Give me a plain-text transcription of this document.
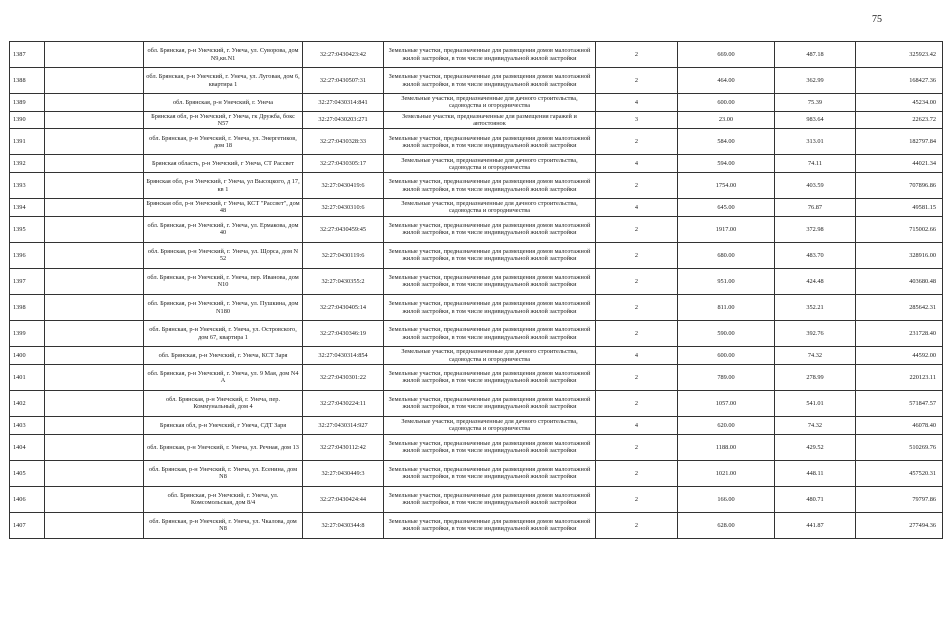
75
1387		обл. Брянская, р-н Унечский, г. Унеча, ул. Суворова, дом N9,кв.N1	32:27:0430423:42	Земельные участки, предназначенные для размещения домов малоэтажной жилой застройки, в том числе индивидуальной жилой застройки	2	669.00	487.18	325923.42
1388		обл. Брянская, р-н Унечский, г. Унеча, ул. Луговая, дом 6, квартира 1	32:27:0430507:31	Земельные участки, предназначенные для размещения домов малоэтажной жилой застройки, в том числе индивидуальной жилой застройки	2	464.00	362.99	168427.36
1389		обл. Брянская, р-н Унечский, г. Унеча	32:27:0430314:841	Земельные участки, предназначенные для дачного строительства, садоводства и огородничества	4	600.00	75.39	45234.00
1390		Брянская обл, р-н Унечский, г Унеча, гк Дружба, бокс N57	32:27:0430203:271	Земельные участки, предназначенные для размещения гаражей и автостоянок	3	23.00	983.64	22623.72
1391		обл. Брянская, р-н Унечский, г. Унеча, ул. Энергетиков, дом 18	32:27:0430328:33	Земельные участки, предназначенные для размещения домов малоэтажной жилой застройки, в том числе индивидуальной жилой застройки	2	584.00	313.01	182797.84
1392		Брянская область, р-н Унечский, г Унеча, СТ Рассвет	32:27:0430305:17	Земельные участки, предназначенные для дачного строительства, садоводства и огородничества	4	594.00	74.11	44021.34
1393		Брянская обл, р-н Унечский, г Унеча, ул Высоцкого, д 17, кв 1	32:27:0430419:6	Земельные участки, предназначенные для размещения домов малоэтажной жилой застройки, в том числе индивидуальной жилой застройки	2	1754.00	403.59	707896.86
1394		Брянская обл, р-н Унечский, г Унеча, КСТ "Рассвет", дом 48	32:27:0430310:6	Земельные участки, предназначенные для дачного строительства, садоводства и огородничества	4	645.00	76.87	49581.15
1395		обл. Брянская, р-н Унечский, г. Унеча, ул. Ермакова, дом 40	32:27:0430459:45	Земельные участки, предназначенные для размещения домов малоэтажной жилой застройки, в том числе индивидуальной жилой застройки	2	1917.00	372.98	715002.66
1396		обл. Брянская, р-н Унечский, г. Унеча, ул. Щорса, дом N 52	32:27:0430119:6	Земельные участки, предназначенные для размещения домов малоэтажной жилой застройки, в том числе индивидуальной жилой застройки	2	680.00	483.70	328916.00
1397		обл. Брянская, р-н Унечский, г. Унеча, пер. Иванова, дом N10	32:27:0430355:2	Земельные участки, предназначенные для размещения домов малоэтажной жилой застройки, в том числе индивидуальной жилой застройки	2	951.00	424.48	403680.48
1398		обл. Брянская, р-н Унечский, г. Унеча, ул. Пушкина, дом N180	32:27:0430405:14	Земельные участки, предназначенные для размещения домов малоэтажной жилой застройки, в том числе индивидуальной жилой застройки	2	811.00	352.21	285642.31
1399		обл. Брянская, р-н Унечский, г. Унеча, ул. Островского, дом 67, квартира 1	32:27:0430346:19	Земельные участки, предназначенные для размещения домов малоэтажной жилой застройки, в том числе индивидуальной жилой застройки	2	590.00	392.76	231728.40
1400		обл. Брянская, р-н Унечский, г. Унеча, КСТ Заря	32:27:0430314:854	Земельные участки, предназначенные для дачного строительства, садоводства и огородничества	4	600.00	74.32	44592.00
1401		обл. Брянская, р-н Унечский, г. Унеча, ул. 9 Мая, дом N4 А	32:27:0430301:22	Земельные участки, предназначенные для размещения домов малоэтажной жилой застройки, в том числе индивидуальной жилой застройки	2	789.00	278.99	220123.11
1402		обл. Брянская, р-н Унечский, г. Унеча, пер. Коммунальный, дом 4	32:27:0430224:11	Земельные участки, предназначенные для размещения домов малоэтажной жилой застройки, в том числе индивидуальной жилой застройки	2	1057.00	541.01	571847.57
1403		Брянская обл, р-н Унечский, г Унеча, СДТ Заря	32:27:0430314:927	Земельные участки, предназначенные для дачного строительства, садоводства и огородничества	4	620.00	74.32	46078.40
1404		обл. Брянская, р-н Унечский, г. Унеча, ул. Речная, дом 13	32:27:0430112:42	Земельные участки, предназначенные для размещения домов малоэтажной жилой застройки, в том числе индивидуальной жилой застройки	2	1188.00	429.52	510269.76
1405		обл. Брянская, р-н Унечский, г. Унеча, ул. Есенина, дом N8	32:27:0430449:3	Земельные участки, предназначенные для размещения домов малоэтажной жилой застройки, в том числе индивидуальной жилой застройки	2	1021.00	448.11	457520.31
1406		обл. Брянская, р-н Унечский, г. Унеча, ул. Комсомольская, дом 8/4	32:27:0430424:44	Земельные участки, предназначенные для размещения домов малоэтажной жилой застройки, в том числе индивидуальной жилой застройки	2	166.00	480.71	79797.86
1407		обл. Брянская, р-н Унечский, г. Унеча, ул. Чкалова, дом N8	32:27:0430344:8	Земельные участки, предназначенные для размещения домов малоэтажной жилой застройки, в том числе индивидуальной жилой застройки	2	628.00	441.87	277494.36
